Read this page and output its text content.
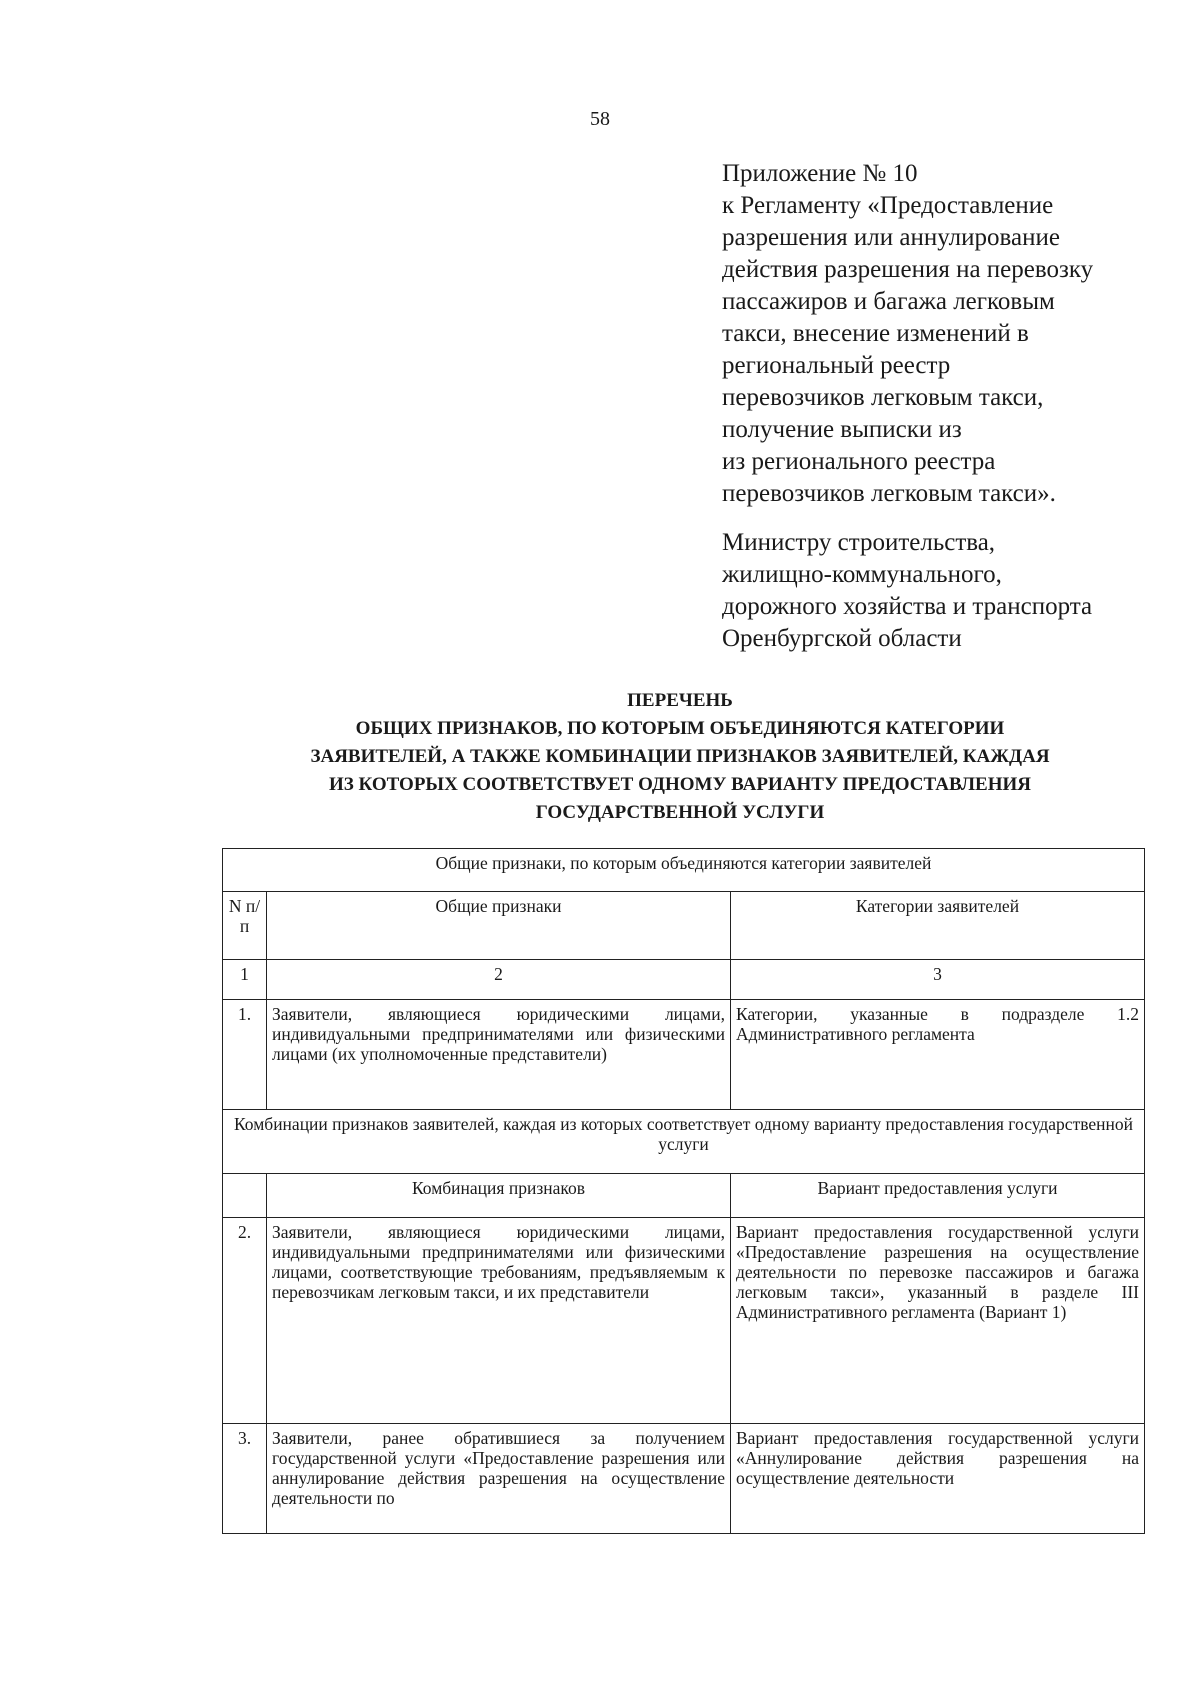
58
Приложение № 10
к Регламенту «Предоставление
разрешения или аннулирование
действия разрешения на перевозку
пассажиров и багажа легковым
такси, внесение изменений в
региональный реестр
перевозчиков легковым такси,
получение выписки из
из регионального реестра
перевозчиков легковым такси».
Министру строительства,
жилищно-коммунального,
дорожного хозяйства и транспорта
Оренбургской области
ПЕРЕЧЕНЬ
ОБЩИХ ПРИЗНАКОВ, ПО КОТОРЫМ ОБЪЕДИНЯЮТСЯ КАТЕГОРИИ
ЗАЯВИТЕЛЕЙ, А ТАКЖЕ КОМБИНАЦИИ ПРИЗНАКОВ ЗАЯВИТЕЛЕЙ, КАЖДАЯ
ИЗ КОТОРЫХ СООТВЕТСТВУЕТ ОДНОМУ ВАРИАНТУ ПРЕДОСТАВЛЕНИЯ
ГОСУДАРСТВЕННОЙ УСЛУГИ
Общие признаки, по которым объединяются категории заявителей		
N п/п	Общие признаки	Категории заявителей
1	2	3
1.	Заявители, являющиеся юридическими лицами, индивидуальными предпринимателями или физическими лицами (их уполномоченные представители)	Категории, указанные в подразделе 1.2 Административного регламента
Комбинации признаков заявителей, каждая из которых соответствует одному варианту предоставления государственной услуги		
	Комбинация признаков	Вариант предоставления услуги
2.	Заявители, являющиеся юридическими лицами, индивидуальными предпринимателями или физическими лицами, соответствующие требованиям, предъявляемым к перевозчикам легковым такси, и их представители	Вариант предоставления государственной услуги «Предоставление разрешения на осуществление деятельности по перевозке пассажиров и багажа легковым такси», указанный в разделе III Административного регламента (Вариант 1)
3.	Заявители, ранее обратившиеся за получением государственной услуги «Предоставление разрешения или аннулирование действия разрешения на осуществление деятельности по	Вариант предоставления государственной услуги «Аннулирование действия разрешения на осуществление деятельности
